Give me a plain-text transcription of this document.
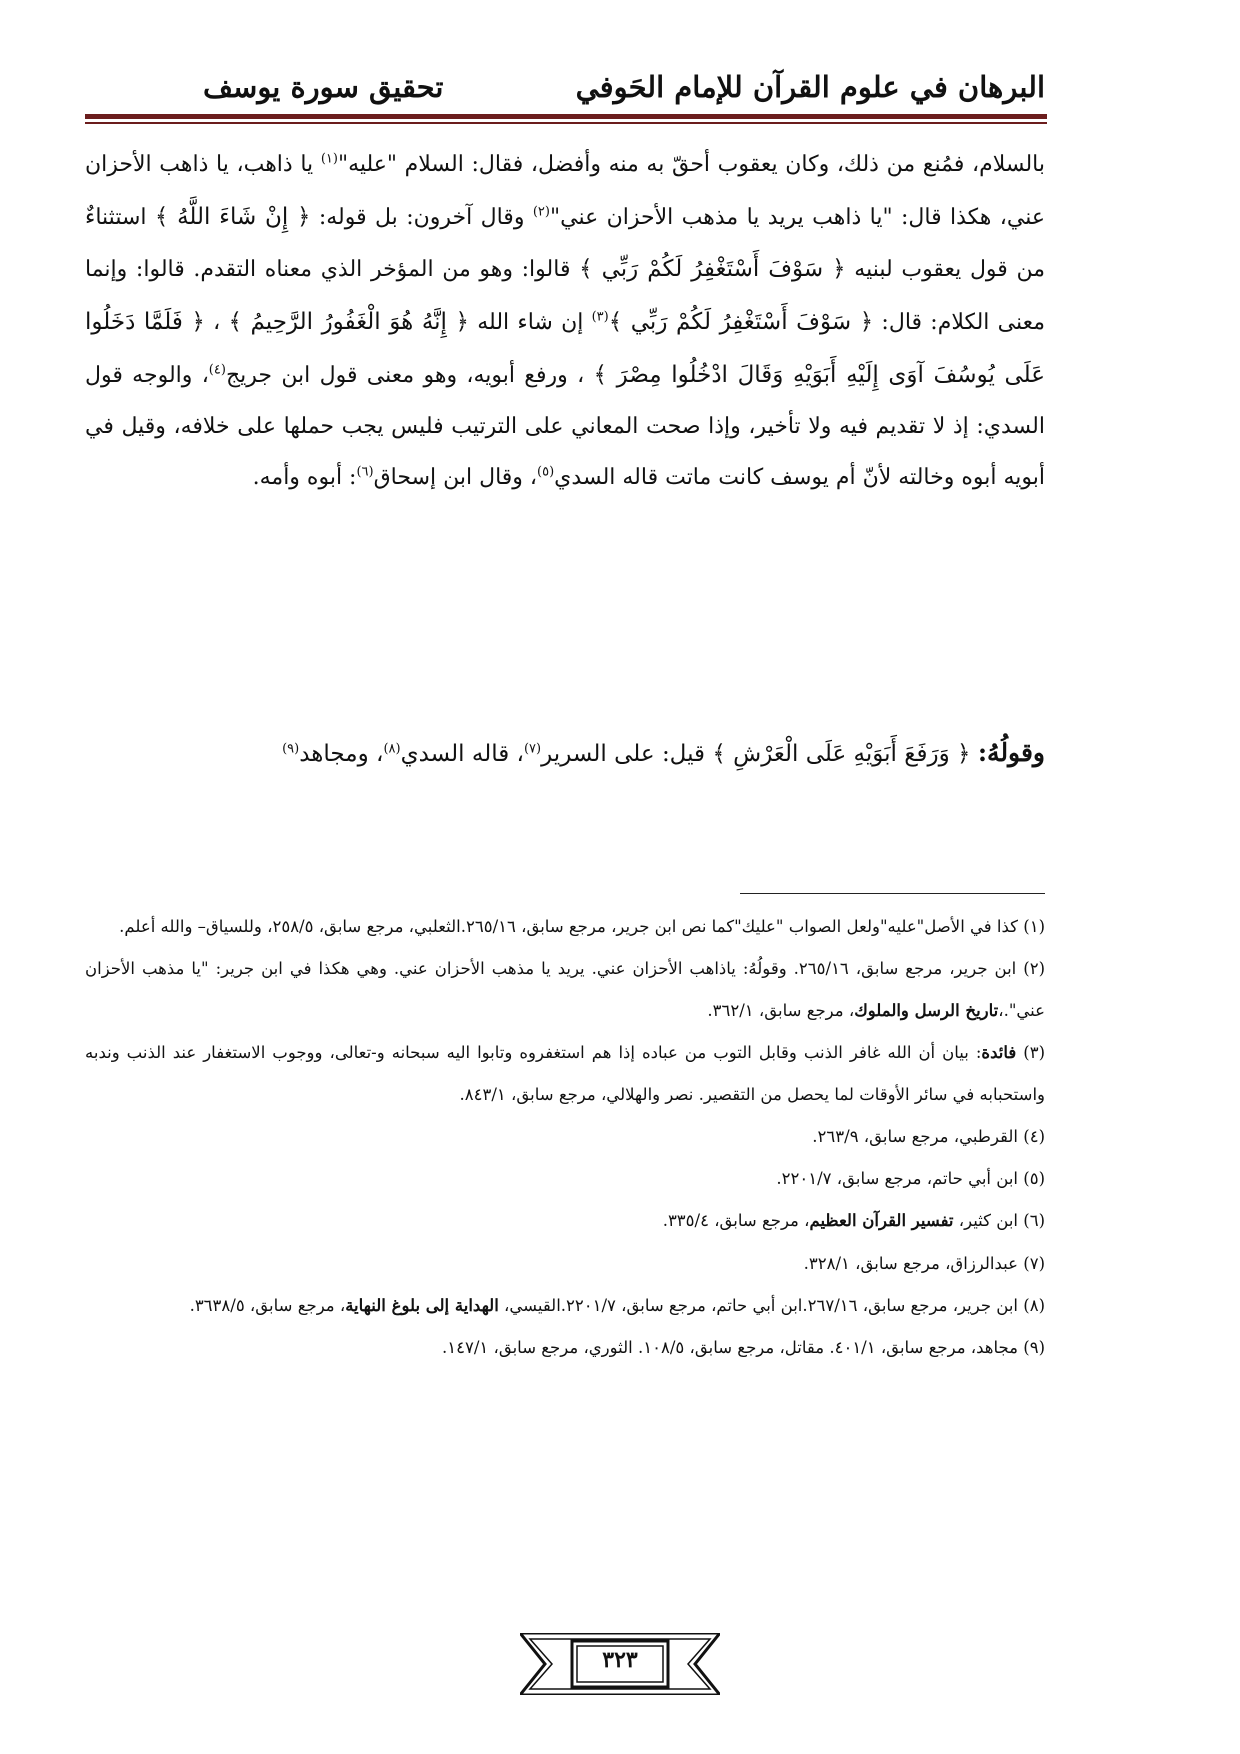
البرهان في علوم القرآن للإمام الحَوفي
تحقيق سورة يوسف

بالسلام، فمُنع من ذلك، وكان يعقوب أحقّ به منه وأفضل، فقال: السلام "عليه"$^{(١)}$ يا ذاهب، يا ذاهب الأحزان عني، هكذا قال: "يا ذاهب يريد يا مذهب الأحزان عني"$^{(٢)}$ وقال آخرون: بل قوله: ﴿ إِنْ شَاءَ اللَّهُ ﴾ استثناءٌ من قول يعقوب لبنيه ﴿ سَوْفَ أَسْتَغْفِرُ لَكُمْ رَبِّي ﴾ قالوا: وهو من المؤخر الذي معناه التقدم. قالوا: وإنما معنى الكلام: قال: ﴿ سَوْفَ أَسْتَغْفِرُ لَكُمْ رَبِّي ﴾$^{(٣)}$ إن شاء الله ﴿ إِنَّهُ هُوَ الْغَفُورُ الرَّحِيمُ ﴾ ، ﴿ فَلَمَّا دَخَلُوا عَلَى يُوسُفَ آوَى إِلَيْهِ أَبَوَيْهِ وَقَالَ ادْخُلُوا مِصْرَ ﴾ ، ورفع أبويه، وهو معنى قول ابن جريج$^{(٤)}$، والوجه قول السدي: إذ لا تقديم فيه ولا تأخير، وإذا صحت المعاني على الترتيب فليس يجب حملها على خلافه، وقيل في أبويه أبوه وخالته لأنّ أم يوسف كانت ماتت قاله السدي$^{(٥)}$، وقال ابن إسحاق$^{(٦)}$: أبوه وأمه.

وقولُهُ: ﴿ وَرَفَعَ أَبَوَيْهِ عَلَى الْعَرْشِ ﴾ قيل: على السرير$^{(٧)}$، قاله السدي$^{(٨)}$، ومجاهد$^{(٩)}$

(١) كذا في الأصل"عليه"ولعل الصواب "عليك"كما نص ابن جرير، مرجع سابق، ٢٦٥/١٦.الثعلبي، مرجع سابق، ٢٥٨/٥، وللسياق– والله أعلم.

(٢) ابن جرير، مرجع سابق، ٢٦٥/١٦. وقولُهُ: ياذاهب الأحزان عني. يريد يا مذهب الأحزان عني. وهي هكذا في ابن جرير: "يا مذهب الأحزان عني".،تاريخ الرسل والملوك، مرجع سابق، ٣٦٢/١.

(٣) فائدة: بيان أن الله غافر الذنب وقابل التوب من عباده إذا هم استغفروه وتابوا اليه سبحانه و-تعالى، ووجوب الاستغفار عند الذنب وندبه واستحبابه في سائر الأوقات لما يحصل من التقصير. نصر والهلالي، مرجع سابق، ٨٤٣/١.

(٤) القرطبي، مرجع سابق، ٢٦٣/٩.

(٥) ابن أبي حاتم، مرجع سابق، ٢٢٠١/٧.

(٦) ابن كثير، تفسير القرآن العظيم، مرجع سابق، ٣٣٥/٤.

(٧) عبدالرزاق، مرجع سابق، ٣٢٨/١.

(٨) ابن جرير، مرجع سابق، ٢٦٧/١٦.ابن أبي حاتم، مرجع سابق، ٢٢٠١/٧.القيسي، الهداية إلى بلوغ النهاية، مرجع سابق، ٣٦٣٨/٥.

(٩) مجاهد، مرجع سابق، ٤٠١/١. مقاتل، مرجع سابق، ١٠٨/٥. الثوري، مرجع سابق، ١٤٧/١.

٣٢٣
